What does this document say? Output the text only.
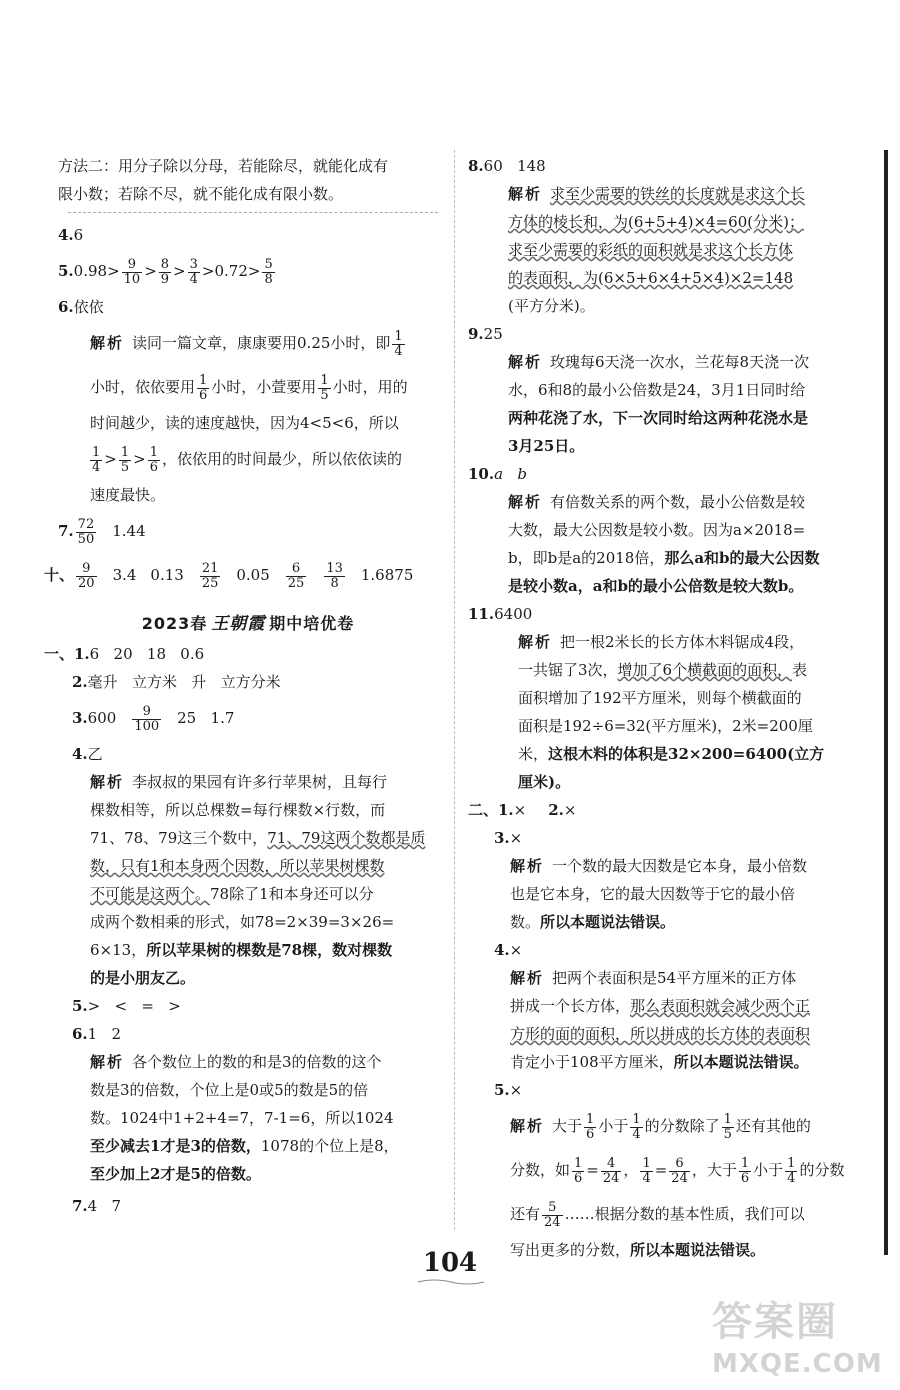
方法二：用分子除以分母，若能除尽，就能化成有
限小数；若除不尽，就不能化成有限小数。
4.6
$5.0.98> \frac{9}{10} > \frac{8}{9} > \frac{3}{4} >0.72> \frac{5}{8}$
6.依依
解析 读同一篇文章，康康要用0.25小时，即 $\frac{1}{4}$
小时，依依要用 $\frac{1}{6}$ 小时，小萱要用 $\frac{1}{5}$ 小时，用的
时间越少，读的速度越快，因为4<5<6，所以
$\frac{1}{4} > \frac{1}{5} > \frac{1}{6}$ ，依依用的时间最少，所以依依读的
速度最快。
7. $\frac{72}{50} 1.44$
十、 $\frac{9}{20} 3.4$ $0.13 \frac{21}{25} 0.05 \frac{6}{25} \frac{13}{8} 1.6875$
2023春 王朝霞 期中培优卷
一、1.6   20   18   0.6
2.毫升   立方米   升   立方分米
$3.600 \frac{9}{100} 25$   1.7
4.乙
解析 李叔叔的果园有许多行苹果树，且每行
棵数相等，所以总棵数=每行棵数×行数，而
71、78、79这三个数中，71、79这两个数都是质
数，只有1和本身两个因数，所以苹果树棵数
不可能是这两个。78除了1和本身还可以分
成两个数相乘的形式，如78=2×39=3×26=
6×13，所以苹果树的棵数是78棵，数对棵数
的是小朋友乙。
5.>   <   =   >
6.1   2
解析 各个数位上的数的和是3的倍数的这个
数是3的倍数，个位上是0或5的数是5的倍
数。1024中1+2+4=7，7-1=6，所以1024
至少减去1才是3的倍数，1078的个位上是8，
至少加上2才是5的倍数。
7.4   7
8.60   148
解析 求至少需要的铁丝的长度就是求这个长
方体的棱长和，为(6+5+4)×4=60(分米)；
求至少需要的彩纸的面积就是求这个长方体
的表面积，为(6×5+6×4+5×4)×2=148
(平方分米)。
9.25
解析 玫瑰每6天浇一次水，兰花每8天浇一次
水，6和8的最小公倍数是24，3月1日同时给
两种花浇了水，下一次同时给这两种花浇水是
3月25日。
10.a   b
解析 有倍数关系的两个数，最小公倍数是较
大数，最大公因数是较小数。因为a×2018=
b，即b是a的2018倍，那么a和b的最大公因数
是较小数a，a和b的最小公倍数是较大数b。
11.6400
解析 把一根2米长的长方体木料锯成4段，
一共锯了3次，增加了6个横截面的面积，表
面积增加了192平方厘米，则每个横截面的
面积是192÷6=32(平方厘米)，2米=200厘
米，这根木料的体积是32×200=6400(立方
厘米)。
二、1.× 2.×
3.×
解析 一个数的最大因数是它本身，最小倍数
也是它本身，它的最大因数等于它的最小倍
数。所以本题说法错误。
4.×
解析 把两个表面积是54平方厘米的正方体
拼成一个长方体，那么表面积就会减少两个正
方形的面的面积，所以拼成的长方体的表面积
肯定小于108平方厘米，所以本题说法错误。
5.×
解析 大于 $\frac{1}{6}$ 小于 $\frac{1}{4}$ 的分数除了 $\frac{1}{5}$ 还有其他的
分数，如 $\frac{1}{6} = \frac{4}{24}$ ， $\frac{1}{4} = \frac{6}{24}$ ，大于 $\frac{1}{6}$ 小于 $\frac{1}{4}$ 的分数
还有 $\frac{5}{24}$ ……根据分数的基本性质，我们可以
写出更多的分数，所以本题说法错误。
104
答案圈
MXQE.COM
